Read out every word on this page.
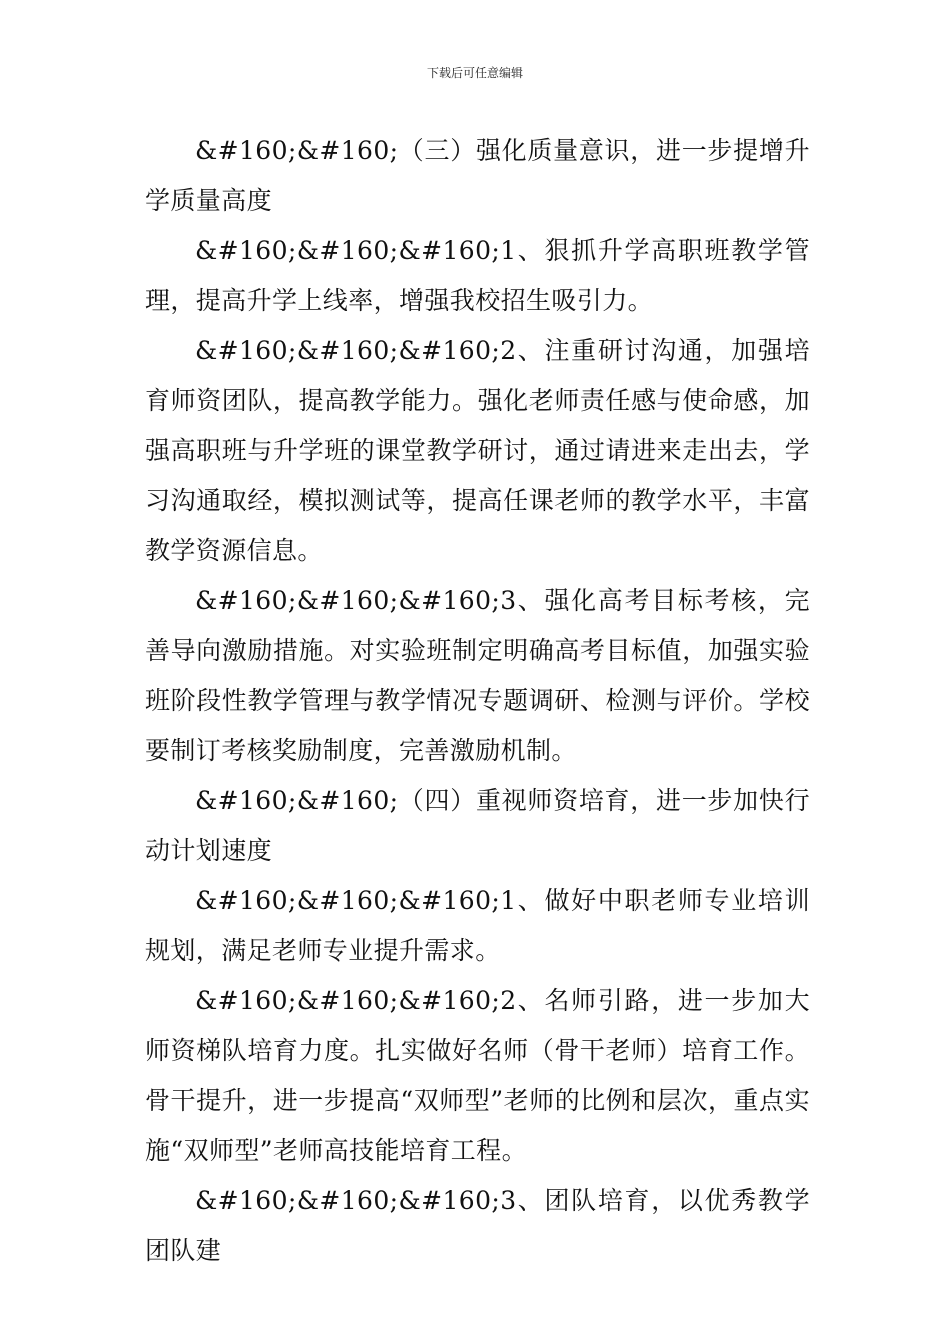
下载后可任意编辑

&#160;&#160;（三）强化质量意识，进一步提增升学质量高度

&#160;&#160;&#160;1、狠抓升学高职班教学管理，提高升学上线率，增强我校招生吸引力。

&#160;&#160;&#160;2、注重研讨沟通，加强培育师资团队，提高教学能力。强化老师责任感与使命感，加强高职班与升学班的课堂教学研讨，通过请进来走出去，学习沟通取经，模拟测试等，提高任课老师的教学水平，丰富教学资源信息。

&#160;&#160;&#160;3、强化高考目标考核，完善导向激励措施。对实验班制定明确高考目标值，加强实验班阶段性教学管理与教学情况专题调研、检测与评价。学校要制订考核奖励制度，完善激励机制。

&#160;&#160;（四）重视师资培育，进一步加快行动计划速度

&#160;&#160;&#160;1、做好中职老师专业培训规划，满足老师专业提升需求。

&#160;&#160;&#160;2、名师引路，进一步加大师资梯队培育力度。扎实做好名师（骨干老师）培育工作。骨干提升，进一步提高“双师型”老师的比例和层次，重点实施“双师型”老师高技能培育工程。

&#160;&#160;&#160;3、团队培育，以优秀教学团队建
